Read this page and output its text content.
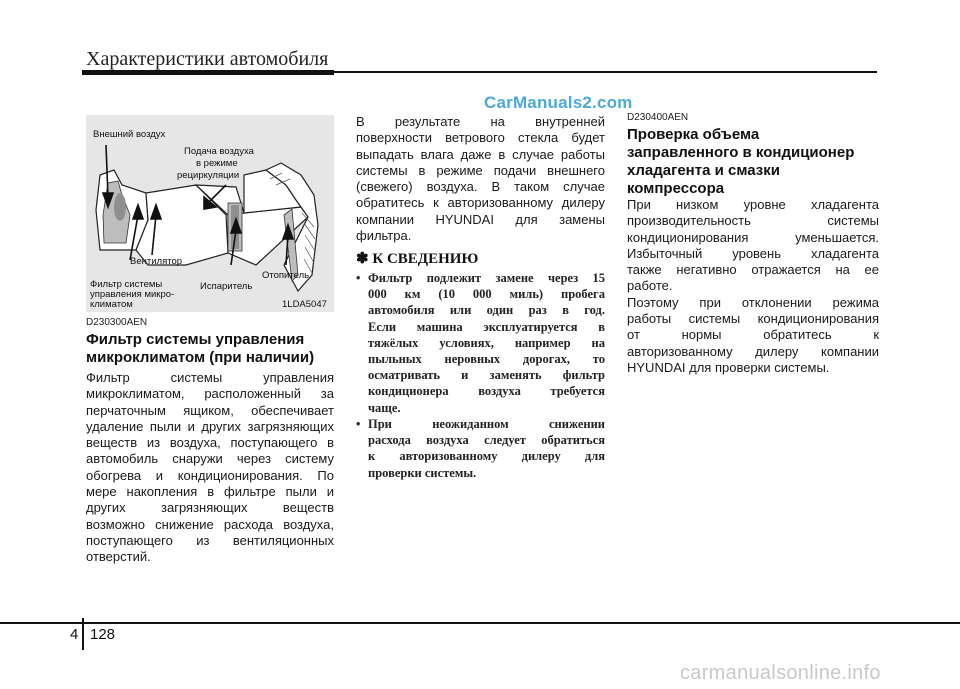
Характеристики автомобиля
CarManuals2.com
Внешний воздух
Подача воздуха
в режиме
рециркуляции
Вентилятор
Отопитель
Фильтр системы
управления микро-
климатом
Испаритель
1LDA5047
D230300AEN
Фильтр системы управления
микроклиматом (при наличии)
Фильтр системы управления
микроклиматом, расположенный за
перчаточным ящиком, обеспечивает
удаление пыли и других загрязняющих
веществ из воздуха, поступающего в
автомобиль снаружи через систему
обогрева и кондиционирования. По
мере накопления в фильтре пыли и
других загрязняющих веществ
возможно снижение расхода воздуха,
поступающего из вентиляционных
отверстий.
В результате на внутренней
поверхности ветрового стекла будет
выпадать влага даже в случае работы
системы в режиме подачи внешнего
(свежего) воздуха. В таком случае
обратитесь к авторизованному дилеру
компании HYUNDAI для замены
фильтра.
✽ К СВЕДЕНИЮ
• Фильтр подлежит замене через 15
000 км (10 000 миль) пробега
автомобиля или один раз в год.
Если машина эксплуатируется в
тяжёлых условиях, например на
пыльных неровных дорогах, то
осматривать и заменять фильтр
кондиционера воздуха требуется
чаще.
• При неожиданном снижении
расхода воздуха следует обратиться
к авторизованному дилеру для
проверки системы.
D230400AEN
Проверка объема
заправленного в кондиционер
хладагента и смазки
компрессора
При низком уровне хладагента
производительность системы
кондиционирования уменьшается.
Избыточный уровень хладагента
также негативно отражается на ее
работе.
Поэтому при отклонении режима
работы системы кондиционирования
от нормы обратитесь к
авторизованному дилеру компании
HYUNDAI для проверки системы.
4 128
carmanualsonline.info
